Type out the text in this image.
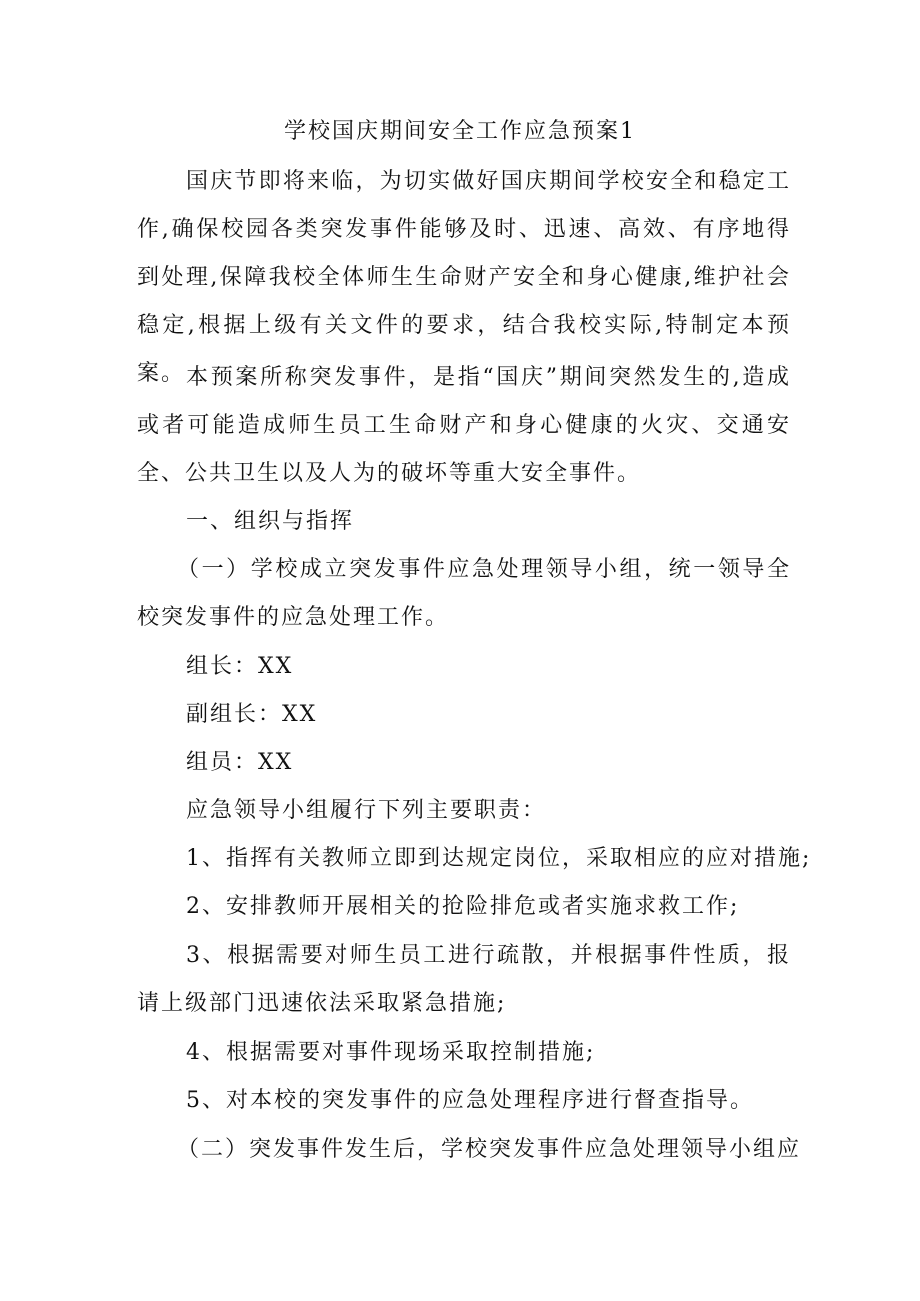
学校国庆期间安全工作应急预案1
国庆节即将来临，为切实做好国庆期间学校安全和稳定工作,确保校园各类突发事件能够及时、迅速、高效、有序地得到处理,保障我校全体师生生命财产安全和身心健康,维护社会稳定,根据上级有关文件的要求，结合我校实际,特制定本预案。 本预案所称突发事件，是指“国庆”期间突然发生的,造成或者可能造成师生员工生命财产和身心健康的火灾、交通安全、公共卫生以及人为的破坏等重大安全事件。
一、组织与指挥
（一）学校成立突发事件应急处理领导小组，统一领导全校突发事件的应急处理工作。
组长：XX
副组长：XX
组员：XX
应急领导小组履行下列主要职责：
1、指挥有关教师立即到达规定岗位，采取相应的应对措施;
2、安排教师开展相关的抢险排危或者实施求救工作;
3、根据需要对师生员工进行疏散，并根据事件性质，报请上级部门迅速依法采取紧急措施;
4、根据需要对事件现场采取控制措施;
5、对本校的突发事件的应急处理程序进行督查指导。
（二）突发事件发生后，学校突发事件应急处理领导小组应
